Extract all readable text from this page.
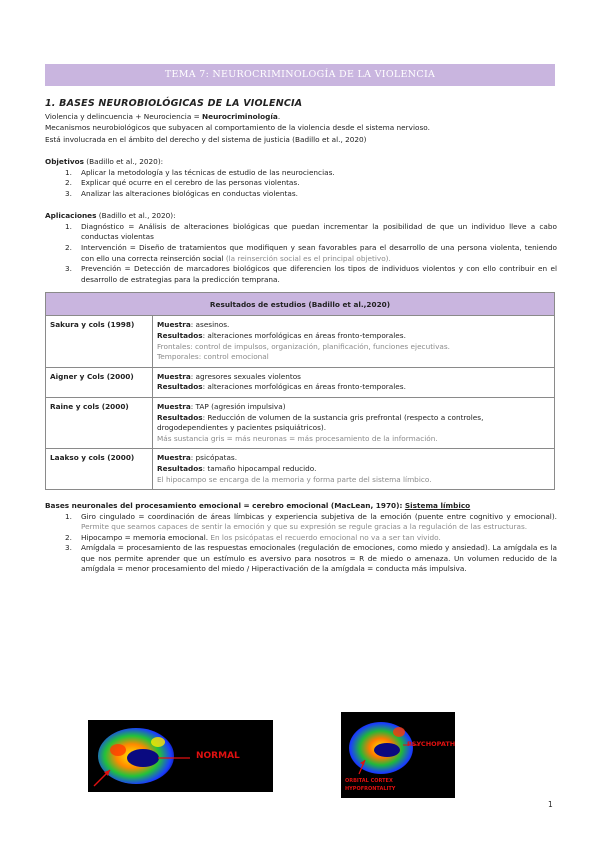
TEMA 7: NEUROCRIMINOLOGÍA DE LA VIOLENCIA
1. BASES NEUROBIOLÓGICAS DE LA VIOLENCIA

Violencia y delincuencia + Neurociencia = Neurocriminología.

Mecanismos neurobiológicos que subyacen al comportamiento de la violencia desde el sistema nervioso.

Está involucrada en el ámbito del derecho y del sistema de justicia (Badillo et al., 2020)

Objetivos (Badillo et al., 2020):

1. Aplicar la metodología y las técnicas de estudio de las neurociencias.
2. Explicar qué ocurre en el cerebro de las personas violentas.
3. Analizar las alteraciones biológicas en conductas violentas.

Aplicaciones (Badillo et al., 2020):

1. Diagnóstico = Análisis de alteraciones biológicas que puedan incrementar la posibilidad de que un individuo lleve a cabo conductas violentas
2. Intervención = Diseño de tratamientos que modifiquen y sean favorables para el desarrollo de una persona violenta, teniendo con ello una correcta reinserción social (la reinserción social es el principal objetivo).
3. Prevención = Detección de marcadores biológicos que diferencien los tipos de individuos violentos y con ello contribuir en el desarrollo de estrategias para la predicción temprana.
Resultados de estudios (Badillo et al.,2020)	
Sakura y cols (1998)	Muestra: asesinos.
Resultados: alteraciones morfológicas en áreas fronto-temporales.
Frontales: control de impulsos, organización, planificación, funciones ejecutivas.
Temporales: control emocional

Aigner y Cols (2000)	Muestra: agresores sexuales violentos
Resultados: alteraciones morfológicas en áreas fronto-temporales.

Raine y cols (2000)	Muestra: TAP (agresión impulsiva)
Resultados: Reducción de volumen de la sustancia gris prefrontal (respecto a controles, drogodependientes y pacientes psiquiátricos).
Más sustancia gris = más neuronas = más procesamiento de la información.

Laakso y cols (2000)	Muestra: psicópatas.
Resultados: tamaño hipocampal reducido.
El hipocampo se encarga de la memoria y forma parte del sistema límbico.

Bases neuronales del procesamiento emocional = cerebro emocional (MacLean, 1970): Sistema límbico

1. Giro cingulado = coordinación de áreas límbicas y experiencia subjetiva de la emoción (puente entre cognitivo y emocional). Permite que seamos capaces de sentir la emoción y que su expresión se regule gracias a la regulación de las estructuras.
2. Hipocampo = memoria emocional. En los psicópatas el recuerdo emocional no va a ser tan vivido.
3. Amígdala = procesamiento de las respuestas emocionales (regulación de emociones, como miedo y ansiedad). La amígdala es la que nos permite aprender que un estímulo es aversivo para nosotros = R de miedo o amenaza. Un volumen reducido de la amígdala = menor procesamiento del miedo / Hiperactivación de la amígdala = conducta más impulsiva.
NORMAL
PSYCHOPATH
ORBITAL CORTEX
HYPOFRONTALITY
1
